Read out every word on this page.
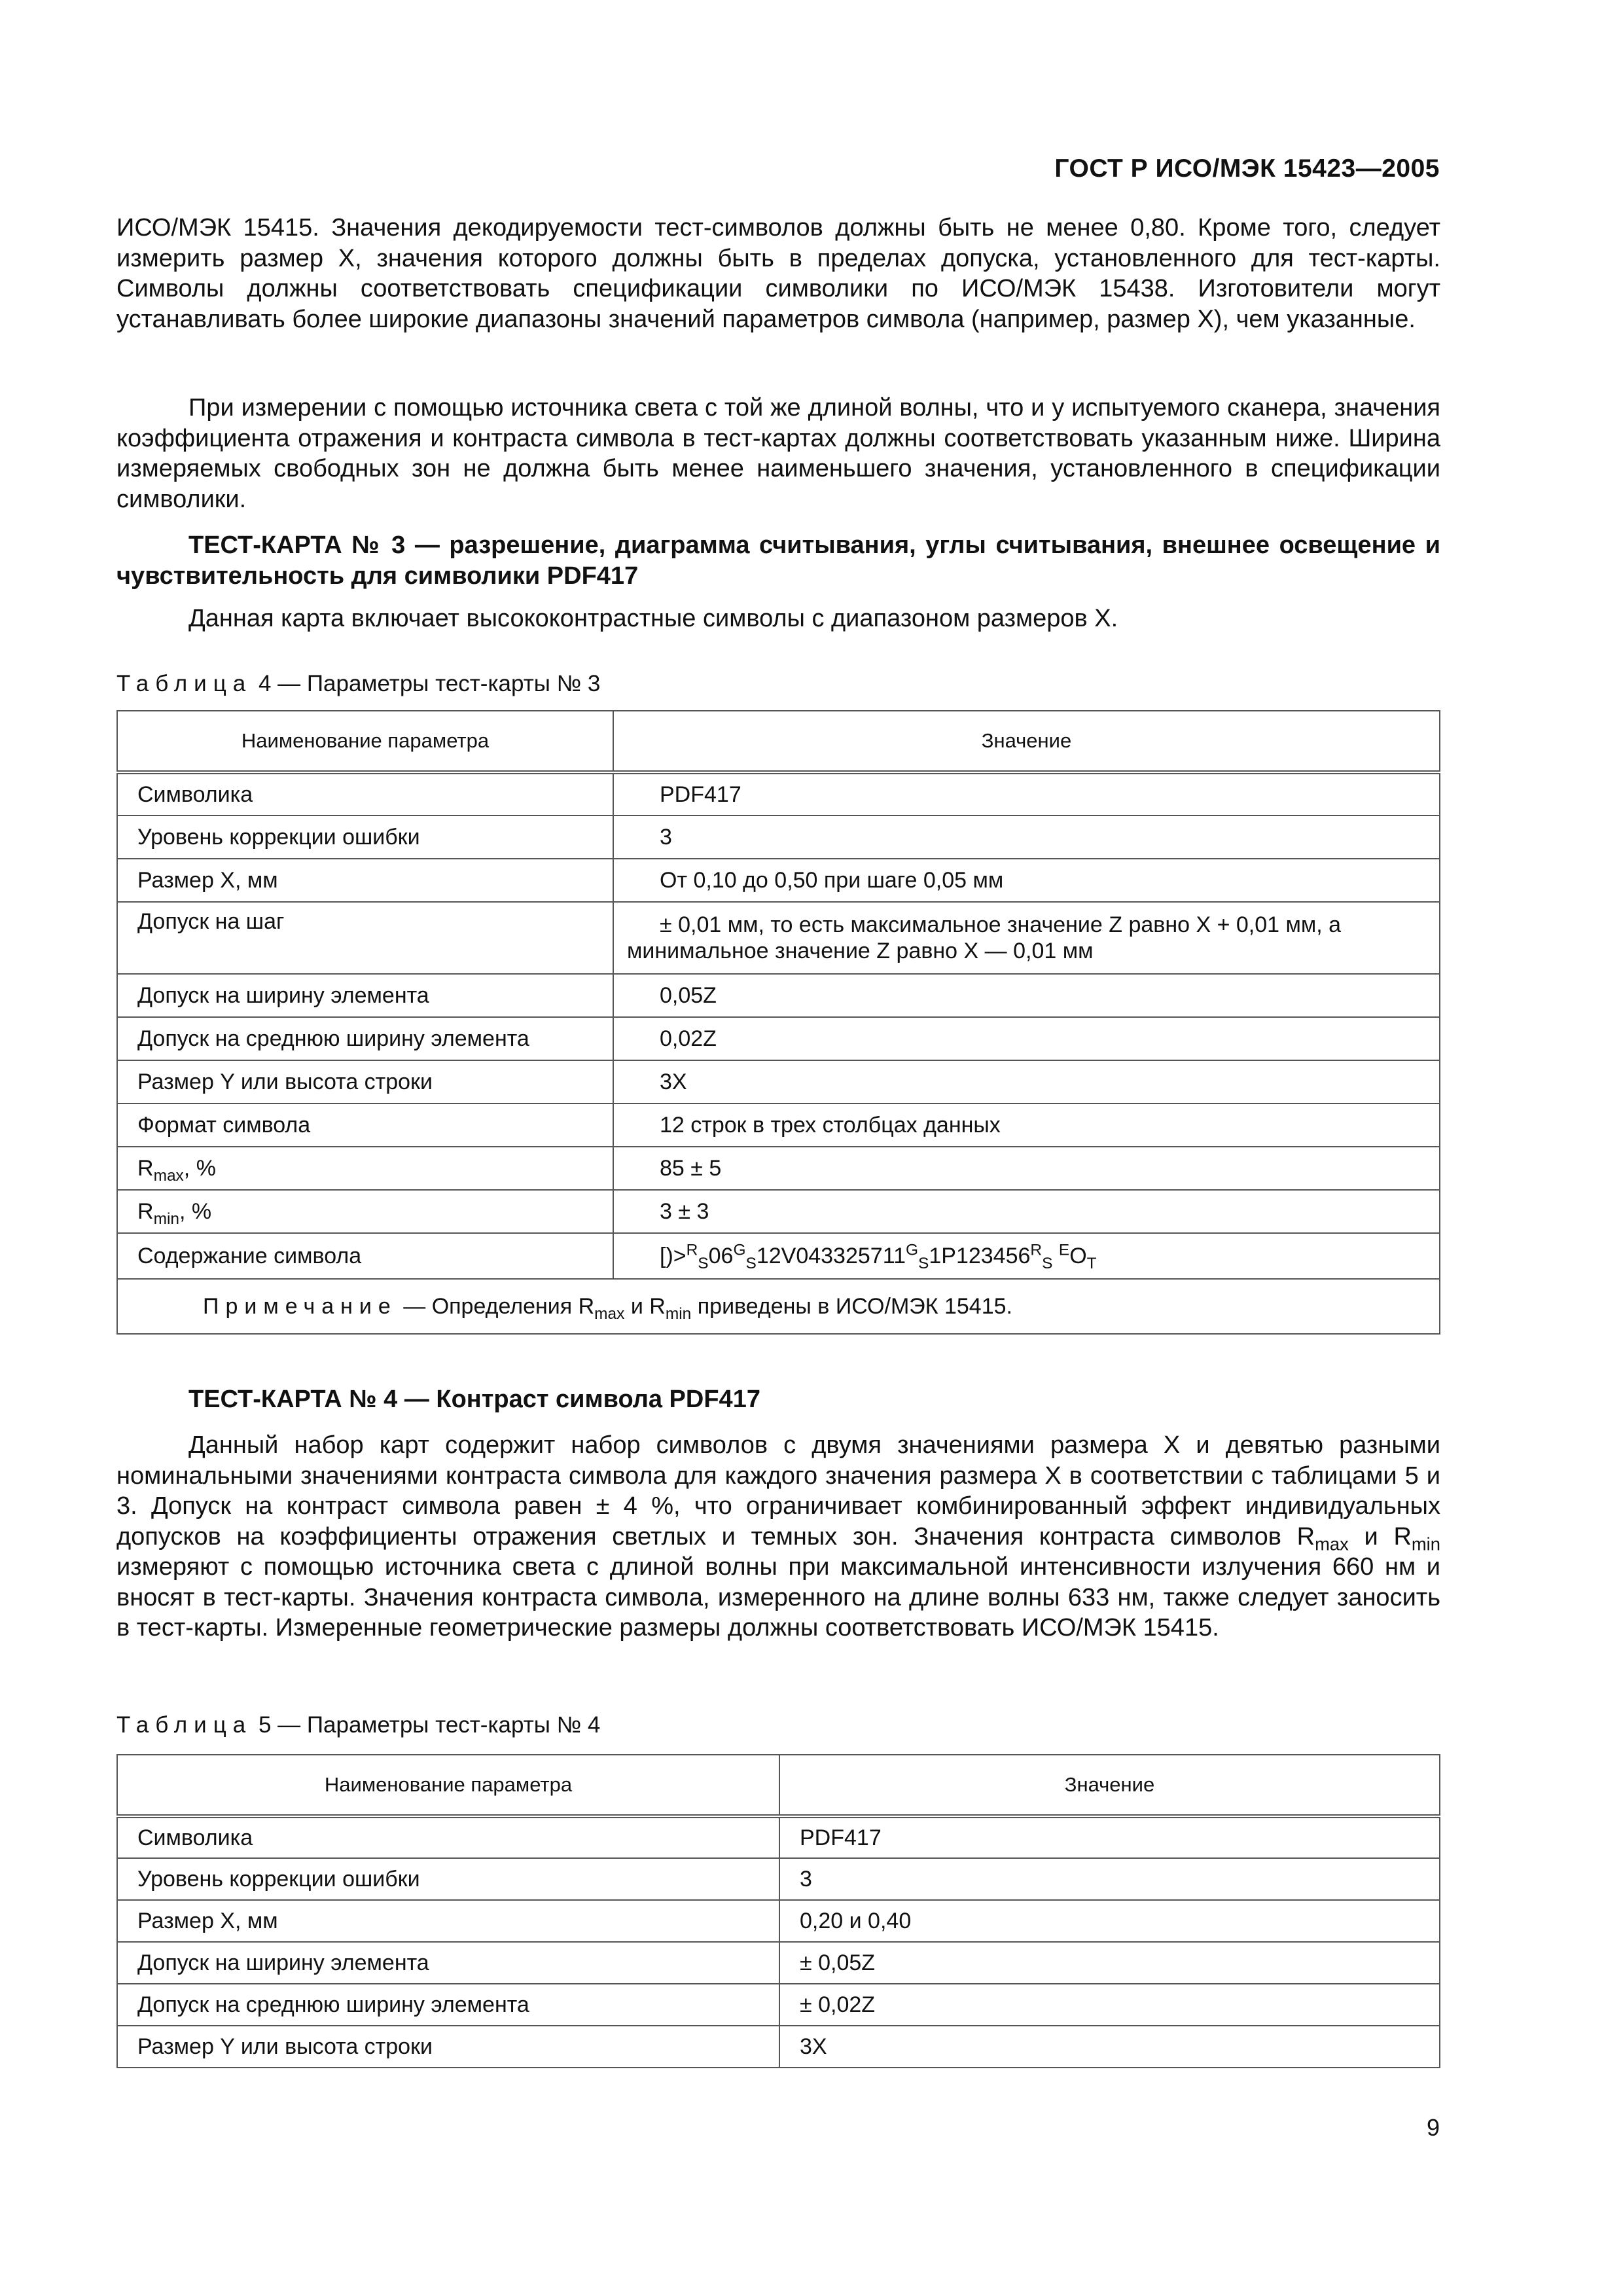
ГОСТ Р ИСО/МЭК 15423—2005

ИСО/МЭК 15415. Значения декодируемости тест-символов должны быть не менее 0,80. Кроме того, следует измерить размер X, значения которого должны быть в пределах допуска, установленного для тест-карты. Символы должны соответствовать спецификации символики по ИСО/МЭК 15438. Изготовители могут устанавливать более широкие диапазоны значений параметров символа (например, размер X), чем указанные.

При измерении с помощью источника света с той же длиной волны, что и у испытуемого сканера, значения коэффициента отражения и контраста символа в тест-картах должны соответствовать указанным ниже. Ширина измеряемых свободных зон не должна быть менее наименьшего значения, установленного в спецификации символики.

ТЕСТ-КАРТА № 3 — разрешение, диаграмма считывания, углы считывания, внешнее освещение и чувствительность для символики PDF417

Данная карта включает высококонтрастные символы с диапазоном размеров X.

Таблица 4 — Параметры тест-карты № 3
Наименование параметра	Значение
Символика	PDF417
Уровень коррекции ошибки	3
Размер X, мм	От 0,10 до 0,50 при шаге 0,05 мм
Допуск на шаг	± 0,01 мм, то есть максимальное значение Z равно X + 0,01 мм, а минимальное значение Z равно X — 0,01 мм
Допуск на ширину элемента	0,05Z
Допуск на среднюю ширину элемента	0,02Z
Размер Y или высота строки	3X
Формат символа	12 строк в трех столбцах данных
$R_{max}$, %	85 ± 5
$R_{min}$, %	3 ± 3
Содержание символа	$[)>^R_S06^G_S12V043325711^G_S1P123456^R_S$ $^EO_T$
Примечание — Определения $R_{max}$ и $R_{min}$ приведены в ИСО/МЭК 15415.	

ТЕСТ-КАРТА № 4 — Контраст символа PDF417

Данный набор карт содержит набор символов с двумя значениями размера X и девятью разными номинальными значениями контраста символа для каждого значения размера X в соответствии с таблицами 5 и 3. Допуск на контраст символа равен ± 4 %, что ограничивает комбинированный эффект индивидуальных допусков на коэффициенты отражения светлых и темных зон. Значения контраста символов $R_{max}$ и $R_{min}$ измеряют с помощью источника света с длиной волны при максимальной интенсивности излучения 660 нм и вносят в тест-карты. Значения контраста символа, измеренного на длине волны 633 нм, также следует заносить в тест-карты. Измеренные геометрические размеры должны соответствовать ИСО/МЭК 15415.

Таблица 5 — Параметры тест-карты № 4
Наименование параметра	Значение
Символика	PDF417
Уровень коррекции ошибки	3
Размер X, мм	0,20 и 0,40
Допуск на ширину элемента	± 0,05Z
Допуск на среднюю ширину элемента	± 0,02Z
Размер Y или высота строки	3X
9
